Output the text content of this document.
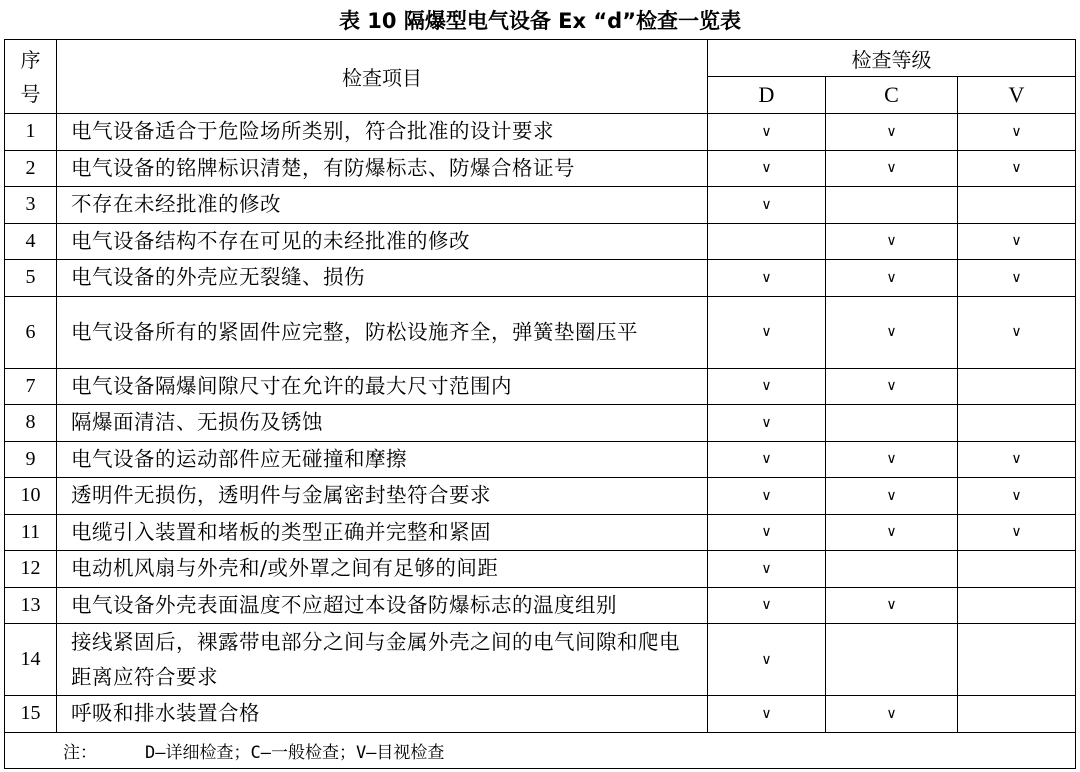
表 10 隔爆型电气设备 Ex “d”检查一览表
序号	检查项目	检查等级		
		D	C	V
1	电气设备适合于危险场所类别，符合批准的设计要求	∨	∨	∨
2	电气设备的铭牌标识清楚，有防爆标志、防爆合格证号	∨	∨	∨
3	不存在未经批准的修改	∨		
4	电气设备结构不存在可见的未经批准的修改		∨	∨
5	电气设备的外壳应无裂缝、损伤	∨	∨	∨
6	电气设备所有的紧固件应完整，防松设施齐全，弹簧垫圈压平	∨	∨	∨
7	电气设备隔爆间隙尺寸在允许的最大尺寸范围内	∨	∨	
8	隔爆面清洁、无损伤及锈蚀	∨		
9	电气设备的运动部件应无碰撞和摩擦	∨	∨	∨
10	透明件无损伤，透明件与金属密封垫符合要求	∨	∨	∨
11	电缆引入装置和堵板的类型正确并完整和紧固	∨	∨	∨
12	电动机风扇与外壳和/或外罩之间有足够的间距	∨		
13	电气设备外壳表面温度不应超过本设备防爆标志的温度组别	∨	∨	
14	接线紧固后，裸露带电部分之间与金属外壳之间的电气间隙和爬电距离应符合要求	∨		
15	呼吸和排水装置合格	∨	∨	
注： D—详细检查；C—一般检查；V—目视检查				
